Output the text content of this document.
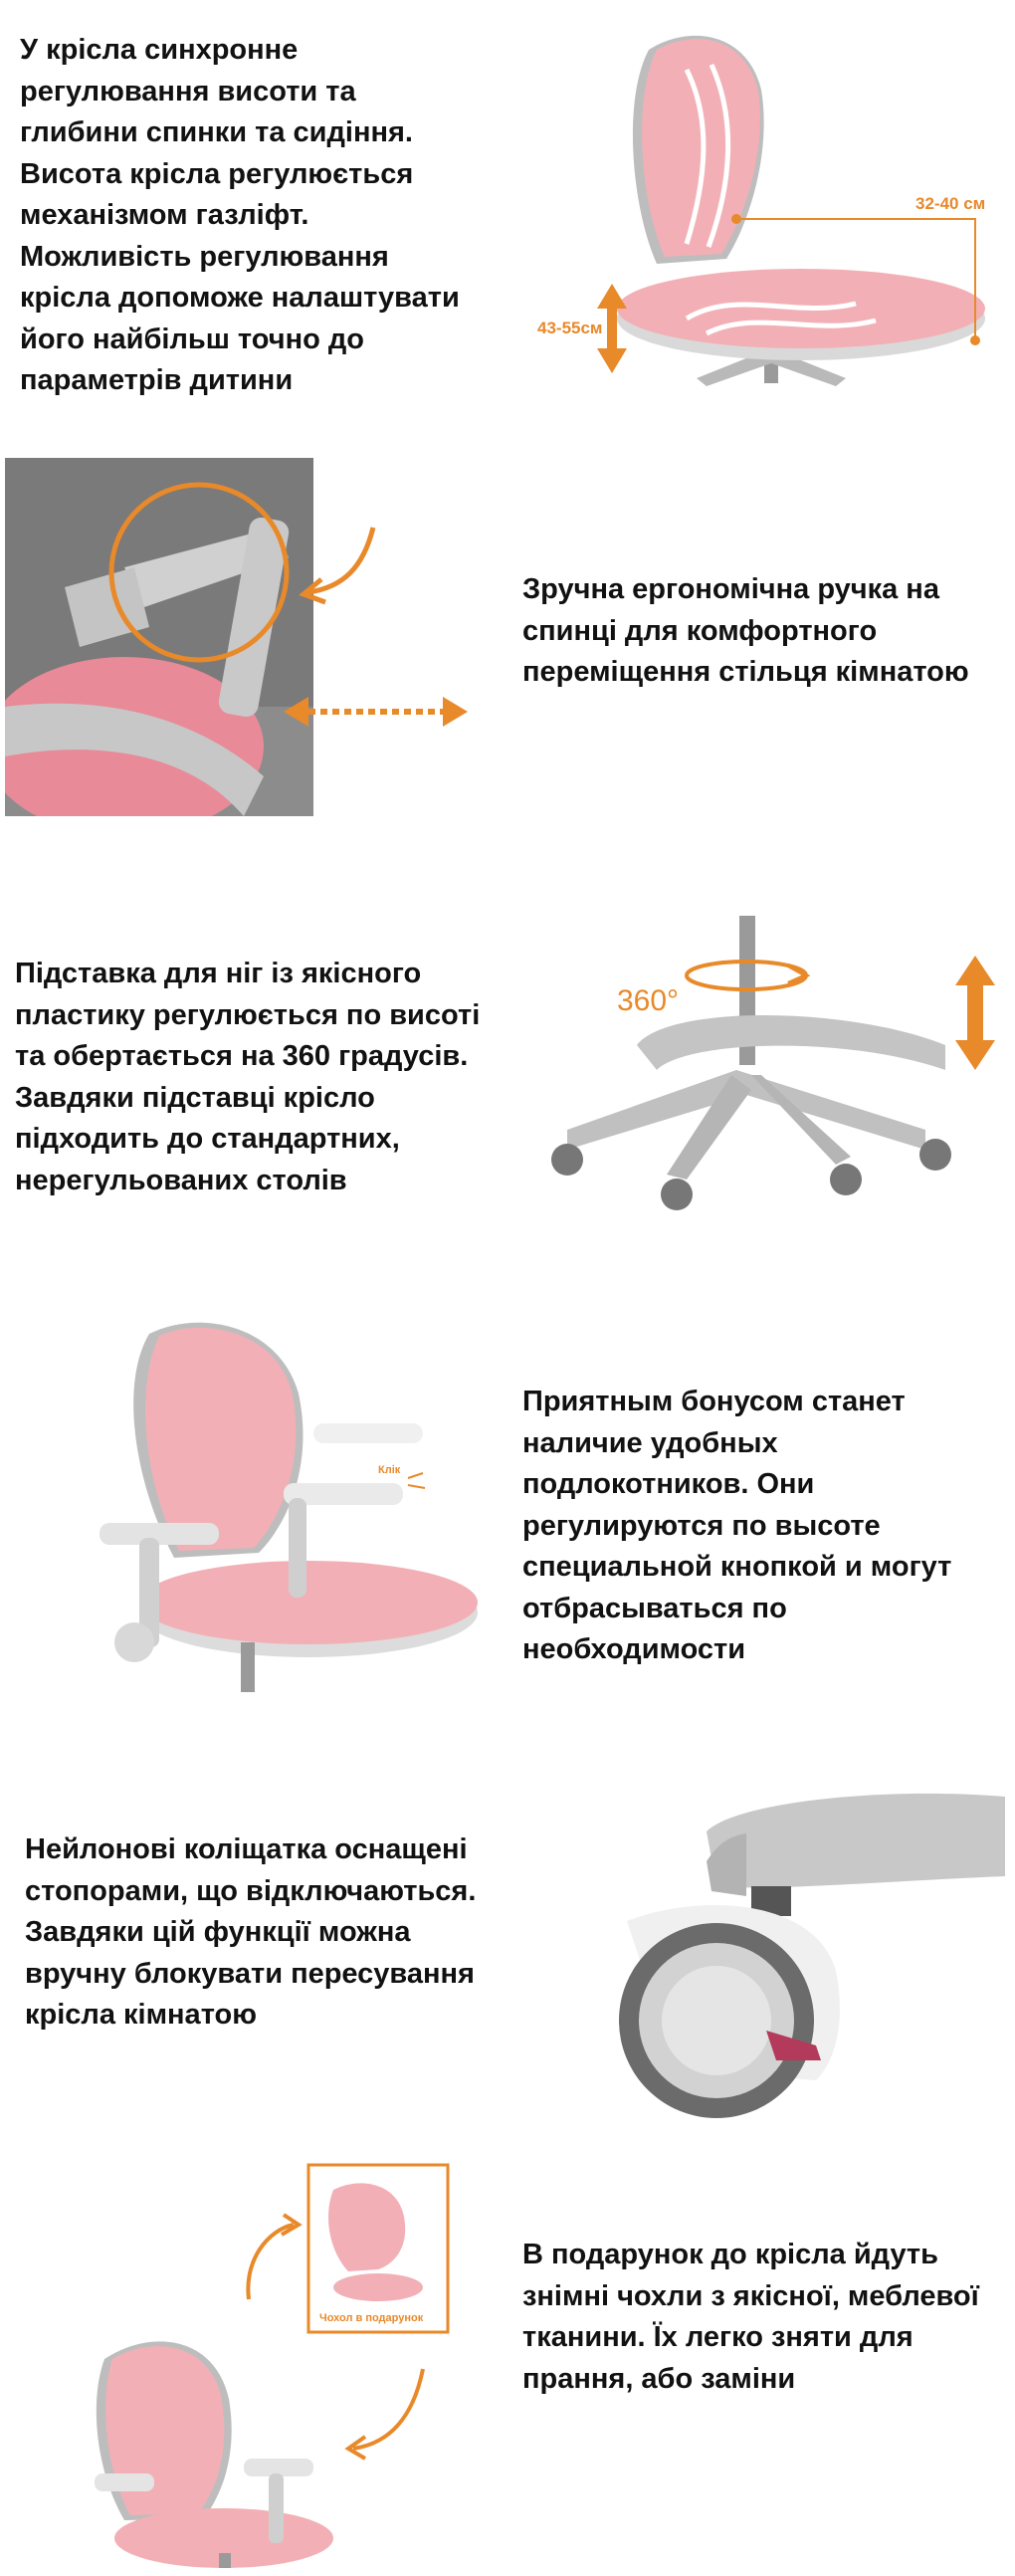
У крісла синхронне
регулювання висоти та
глибини спинки та сидіння.
Висота крісла регулюється
механізмом газліфт.
Можливість регулювання
крісла допоможе налаштувати
його найбільш точно до
параметрів дитини

32-40 см
43-55см

Зручна ергономічна ручка на
спинці для комфортного
переміщення стільця кімнатою

Підставка для ніг із якісного
пластику регулюється по висоті
та обертається на 360 градусів.
Завдяки підставці крісло
підходить до стандартних,
нерегульованих столів

360°
Клік

Приятным бонусом станет
наличие удобных
подлокотников. Они
регулируются по высоте
специальной кнопкой и могут
отбрасываться по
необходимости

Нейлонові коліщатка оснащені
стопорами, що відключаються.
Завдяки цій функції можна
вручну блокувати пересування
крісла кімнатою

Чохол в подарунок

В подарунок до крісла йдуть
знімні чохли з якісної, меблевої
тканини. Їх легко зняти для
прання, або заміни
